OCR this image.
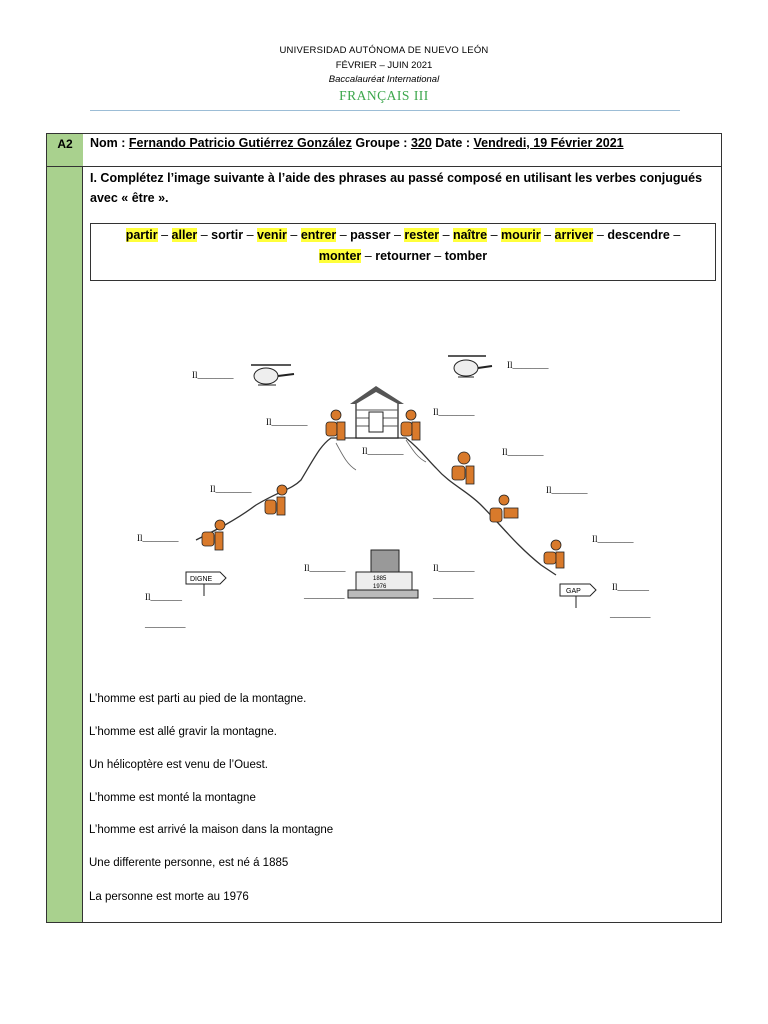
UNIVERSIDAD AUTÓNOMA DE NUEVO LEÓN
FÉVRIER – JUIN 2021
Baccalauréat International
FRANÇAIS III
A2	Nom : Fernando Patricio Gutiérrez González Groupe : 320 Date : Vendredi, 19 Février 2021
I. Complétez l’image suivante à l’aide des phrases au passé composé en utilisant les verbes conjugués avec « être ».
partir – aller – sortir – venir – entrer – passer – rester – naître – mourir – arriver – descendre –
monter – retourner – tomber
L’homme est parti au pied de la montagne.
L’homme est allé gravir la montagne.
Un hélicoptère est venu de l’Ouest.
L’homme est monté la montagne
L’homme est arrivé la maison dans la montagne
Une differente personne, est né á 1885
La personne est morte au 1976
DIGNE
GAP
1885
1976
Il________
Il________
Il________
Il________
Il________	Il________
Il________	Il________
Il________	Il________
Il________
_________
Il________
_________
Il_______
_________
Il_______
_________
